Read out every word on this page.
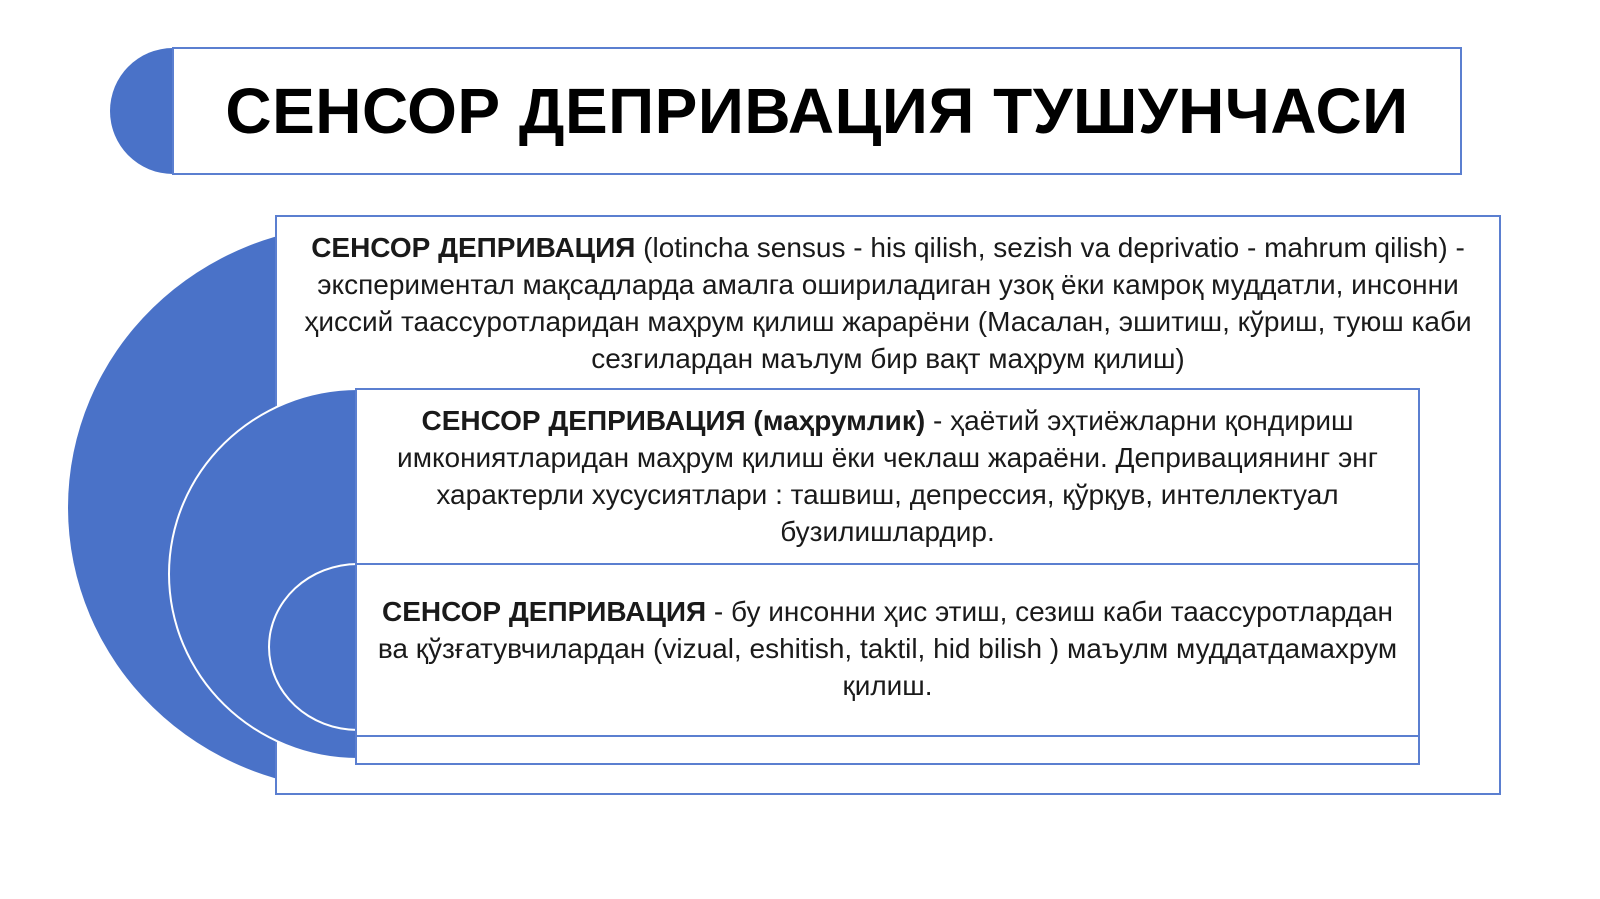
СЕНСОР ДЕПРИВАЦИЯ ТУШУНЧАСИ
СЕНСОР ДЕПРИВАЦИЯ (lotincha sensus - his qilish, sezish va deprivatio - mahrum qilish) - экспериментал мақсадларда амалга ошириладиган узоқ ёки камроқ муддатли, инсонни ҳиссий таассуротларидан маҳрум қилиш жарарёни (Масалан, эшитиш, кўриш, туюш каби сезгилардан маълум бир вақт маҳрум қилиш)
СЕНСОР ДЕПРИВАЦИЯ (маҳрумлик) - ҳаётий эҳтиёжларни қондириш имкониятларидан маҳрум қилиш ёки чеклаш жараёни. Депривациянинг энг характерли хусусиятлари : ташвиш, депрессия, қўрқув, интеллектуал бузилишлардир.
СЕНСОР ДЕПРИВАЦИЯ - бу инсонни ҳис этиш, сезиш каби таассуротлардан ва қўзғатувчилардан (vizual, eshitish, taktil, hid bilish ) маъулм муддатдамахрум қилиш.
